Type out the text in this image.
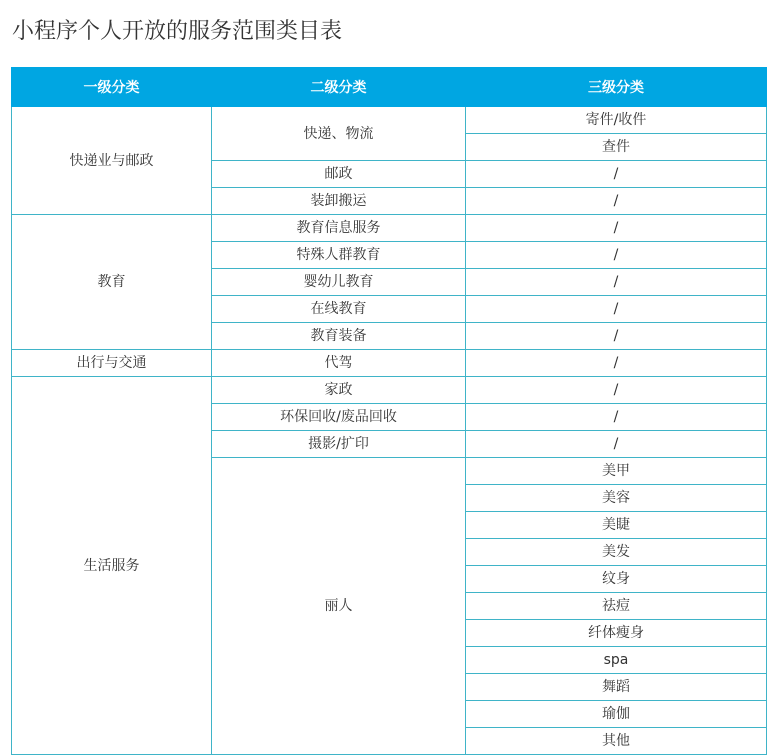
小程序个人开放的服务范围类目表
一级分类	二级分类	三级分类
快递业与邮政	快递、物流	寄件/收件
		查件
	邮政	/
	装卸搬运	/
教育	教育信息服务	/
	特殊人群教育	/
	婴幼儿教育	/
	在线教育	/
	教育装备	/
出行与交通	代驾	/
生活服务	家政	/
	环保回收/废品回收	/
	摄影/扩印	/
	丽人	美甲
		美容
		美睫
		美发
		纹身
		祛痘
		纤体瘦身
		spa
		舞蹈
		瑜伽
		其他
